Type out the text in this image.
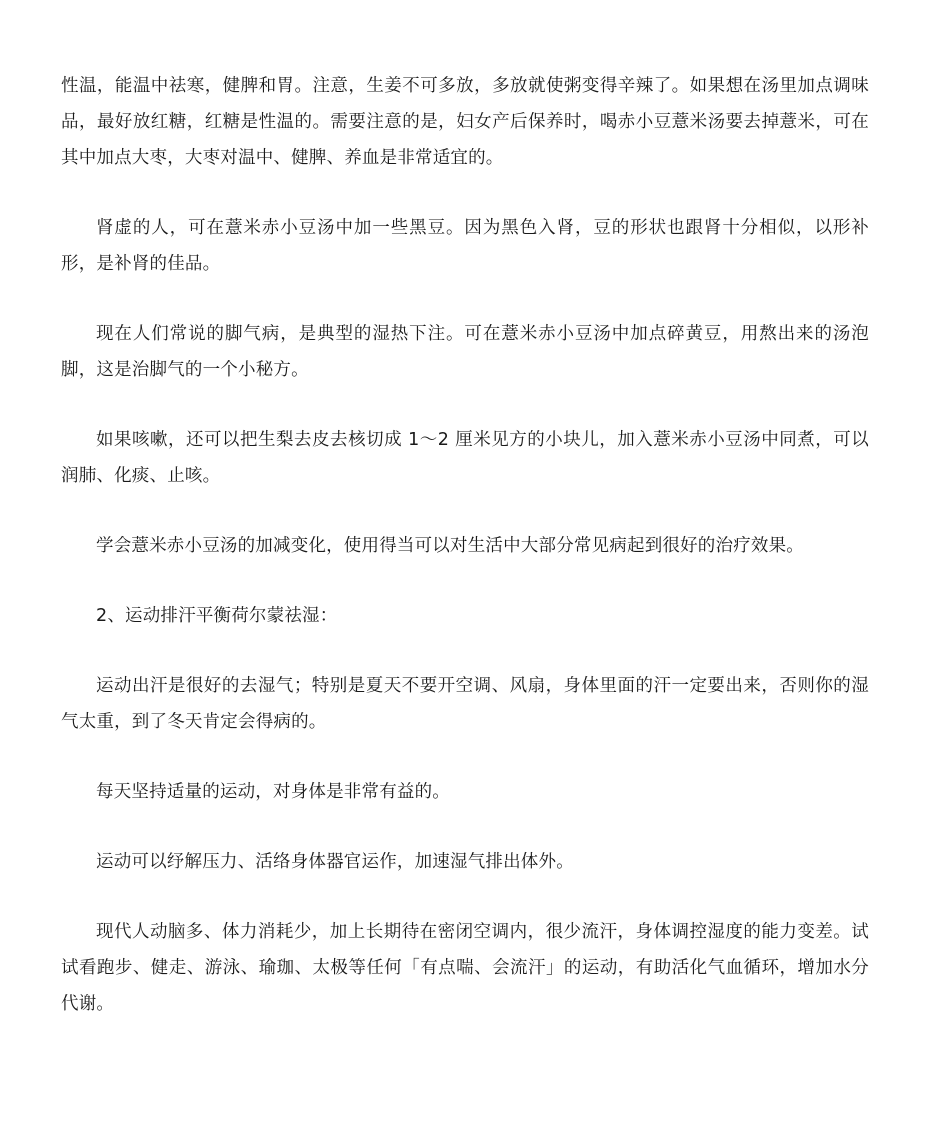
性温，能温中祛寒，健脾和胃。注意，生姜不可多放，多放就使粥变得辛辣了。如果想在汤里加点调味品，最好放红糖，红糖是性温的。需要注意的是，妇女产后保养时，喝赤小豆薏米汤要去掉薏米，可在其中加点大枣，大枣对温中、健脾、养血是非常适宜的。

肾虚的人，可在薏米赤小豆汤中加一些黑豆。因为黑色入肾，豆的形状也跟肾十分相似，以形补形，是补肾的佳品。

现在人们常说的脚气病，是典型的湿热下注。可在薏米赤小豆汤中加点碎黄豆，用熬出来的汤泡脚，这是治脚气的一个小秘方。

如果咳嗽，还可以把生梨去皮去核切成 1～2 厘米见方的小块儿，加入薏米赤小豆汤中同煮，可以润肺、化痰、止咳。

学会薏米赤小豆汤的加减变化，使用得当可以对生活中大部分常见病起到很好的治疗效果。

2、运动排汗平衡荷尔蒙祛湿：

运动出汗是很好的去湿气；特别是夏天不要开空调、风扇，身体里面的汗一定要出来，否则你的湿气太重，到了冬天肯定会得病的。

每天坚持适量的运动，对身体是非常有益的。

运动可以纾解压力、活络身体器官运作，加速湿气排出体外。

现代人动脑多、体力消耗少，加上长期待在密闭空调内，很少流汗，身体调控湿度的能力变差。试试看跑步、健走、游泳、瑜珈、太极等任何「有点喘、会流汗」的运动，有助活化气血循环，增加水分代谢。
